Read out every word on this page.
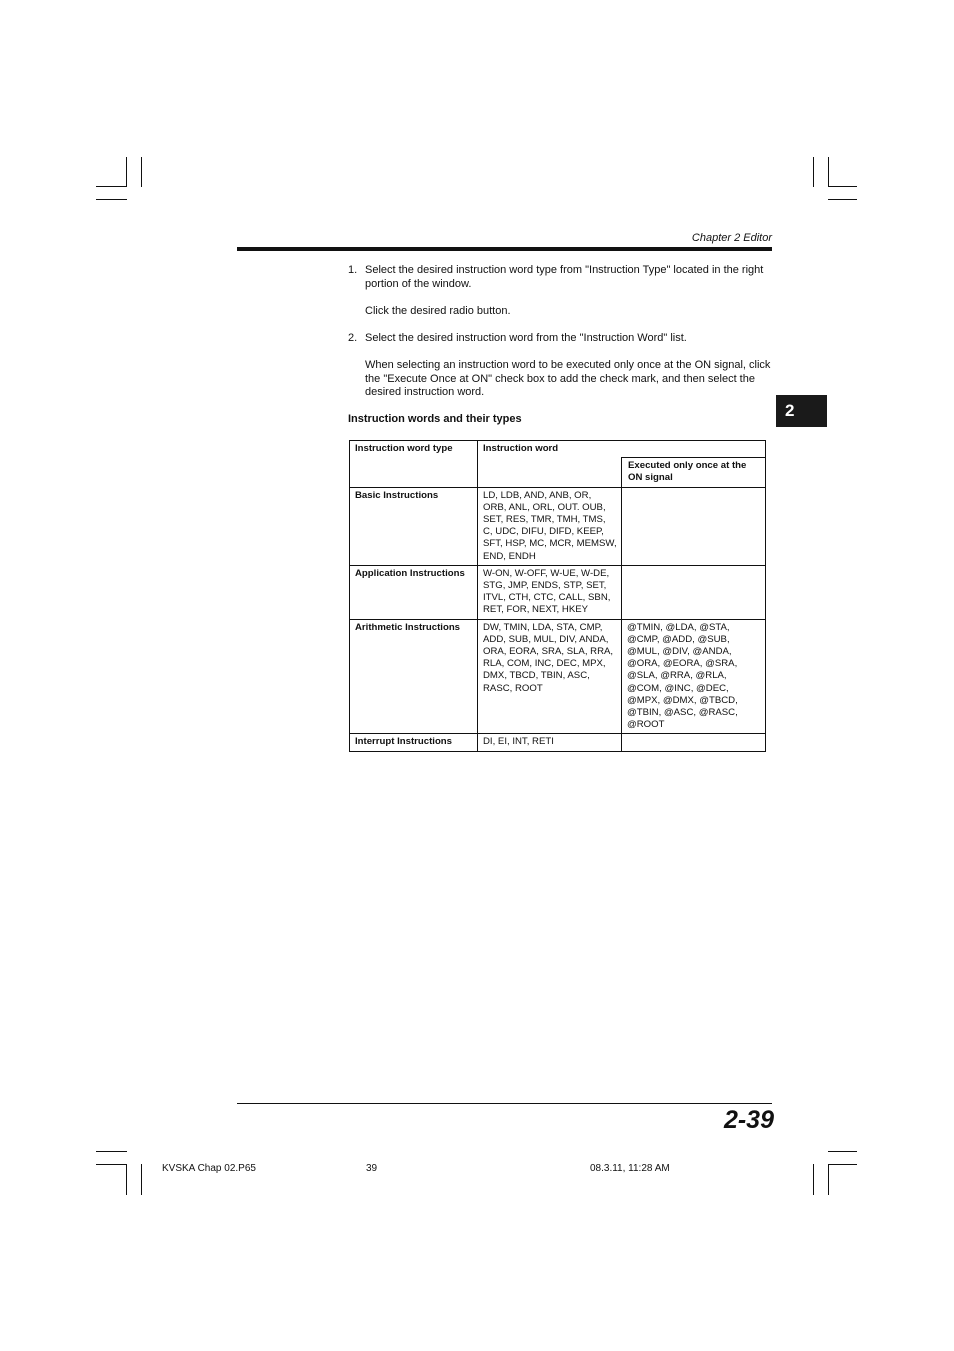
Chapter 2 Editor
2
1. Select the desired instruction word type from "Instruction Type" located in the right portion of the window.
Click the desired radio button.
2. Select the desired instruction word from the "Instruction Word" list.
When selecting an instruction word to be executed only once at the ON signal, click the "Execute Once at ON" check box to add the check mark, and then select the desired instruction word.
Instruction words and their types
Instruction word type	Instruction word	

		Executed only once at the ON signal

Basic Instructions	LD, LDB, AND, ANB, OR, ORB, ANL, ORL, OUT. OUB, SET, RES, TMR, TMH, TMS, C, UDC, DIFU, DIFD, KEEP, SFT, HSP, MC, MCR, MEMSW, END, ENDH	
Application Instructions	W-ON, W-OFF, W-UE, W-DE, STG, JMP, ENDS, STP, SET, ITVL, CTH, CTC, CALL, SBN, RET, FOR, NEXT, HKEY	
Arithmetic Instructions	DW, TMIN, LDA, STA, CMP, ADD, SUB, MUL, DIV, ANDA, ORA, EORA, SRA, SLA, RRA, RLA, COM, INC, DEC, MPX, DMX, TBCD, TBIN, ASC, RASC, ROOT	@TMIN, @LDA, @STA, @CMP, @ADD, @SUB, @MUL, @DIV, @ANDA, @ORA, @EORA, @SRA, @SLA, @RRA, @RLA, @COM, @INC, @DEC, @MPX, @DMX, @TBCD, @TBIN, @ASC, @RASC, @ROOT
Interrupt Instructions	DI, EI, INT, RETI	
2-39
KVSKA Chap 02.P65	39	08.3.11, 11:28 AM
